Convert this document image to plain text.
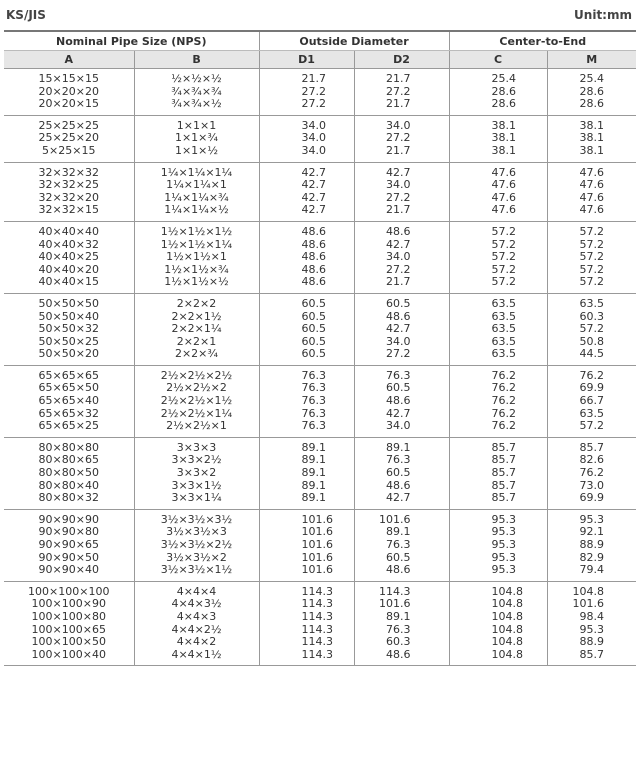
KS/JIS	Unit:mm
Nominal Pipe Size (NPS)		Outside Diameter		Center-to-End	
A	B	D1	D2	C	M
15×15×15	½×½×½	21.7	21.7	25.4	25.4
20×20×20	¾×¾×¾	27.2	27.2	28.6	28.6
20×20×15	¾×¾×½	27.2	21.7	28.6	28.6
25×25×25	1×1×1	34.0	34.0	38.1	38.1
25×25×20	1×1×¾	34.0	27.2	38.1	38.1
5×25×15	1×1×½	34.0	21.7	38.1	38.1
32×32×32	1¼×1¼×1¼	42.7	42.7	47.6	47.6
32×32×25	1¼×1¼×1	42.7	34.0	47.6	47.6
32×32×20	1¼×1¼×¾	42.7	27.2	47.6	47.6
32×32×15	1¼×1¼×½	42.7	21.7	47.6	47.6
40×40×40	1½×1½×1½	48.6	48.6	57.2	57.2
40×40×32	1½×1½×1¼	48.6	42.7	57.2	57.2
40×40×25	1½×1½×1	48.6	34.0	57.2	57.2
40×40×20	1½×1½×¾	48.6	27.2	57.2	57.2
40×40×15	1½×1½×½	48.6	21.7	57.2	57.2
50×50×50	2×2×2	60.5	60.5	63.5	63.5
50×50×40	2×2×1½	60.5	48.6	63.5	60.3
50×50×32	2×2×1¼	60.5	42.7	63.5	57.2
50×50×25	2×2×1	60.5	34.0	63.5	50.8
50×50×20	2×2×¾	60.5	27.2	63.5	44.5
65×65×65	2½×2½×2½	76.3	76.3	76.2	76.2
65×65×50	2½×2½×2	76.3	60.5	76.2	69.9
65×65×40	2½×2½×1½	76.3	48.6	76.2	66.7
65×65×32	2½×2½×1¼	76.3	42.7	76.2	63.5
65×65×25	2½×2½×1	76.3	34.0	76.2	57.2
80×80×80	3×3×3	89.1	89.1	85.7	85.7
80×80×65	3×3×2½	89.1	76.3	85.7	82.6
80×80×50	3×3×2	89.1	60.5	85.7	76.2
80×80×40	3×3×1½	89.1	48.6	85.7	73.0
80×80×32	3×3×1¼	89.1	42.7	85.7	69.9
90×90×90	3½×3½×3½	101.6	101.6	95.3	95.3
90×90×80	3½×3½×3	101.6	89.1	95.3	92.1
90×90×65	3½×3½×2½	101.6	76.3	95.3	88.9
90×90×50	3½×3½×2	101.6	60.5	95.3	82.9
90×90×40	3½×3½×1½	101.6	48.6	95.3	79.4
100×100×100	4×4×4	114.3	114.3	104.8	104.8
100×100×90	4×4×3½	114.3	101.6	104.8	101.6
100×100×80	4×4×3	114.3	89.1	104.8	98.4
100×100×65	4×4×2½	114.3	76.3	104.8	95.3
100×100×50	4×4×2	114.3	60.3	104.8	88.9
100×100×40	4×4×1½	114.3	48.6	104.8	85.7
